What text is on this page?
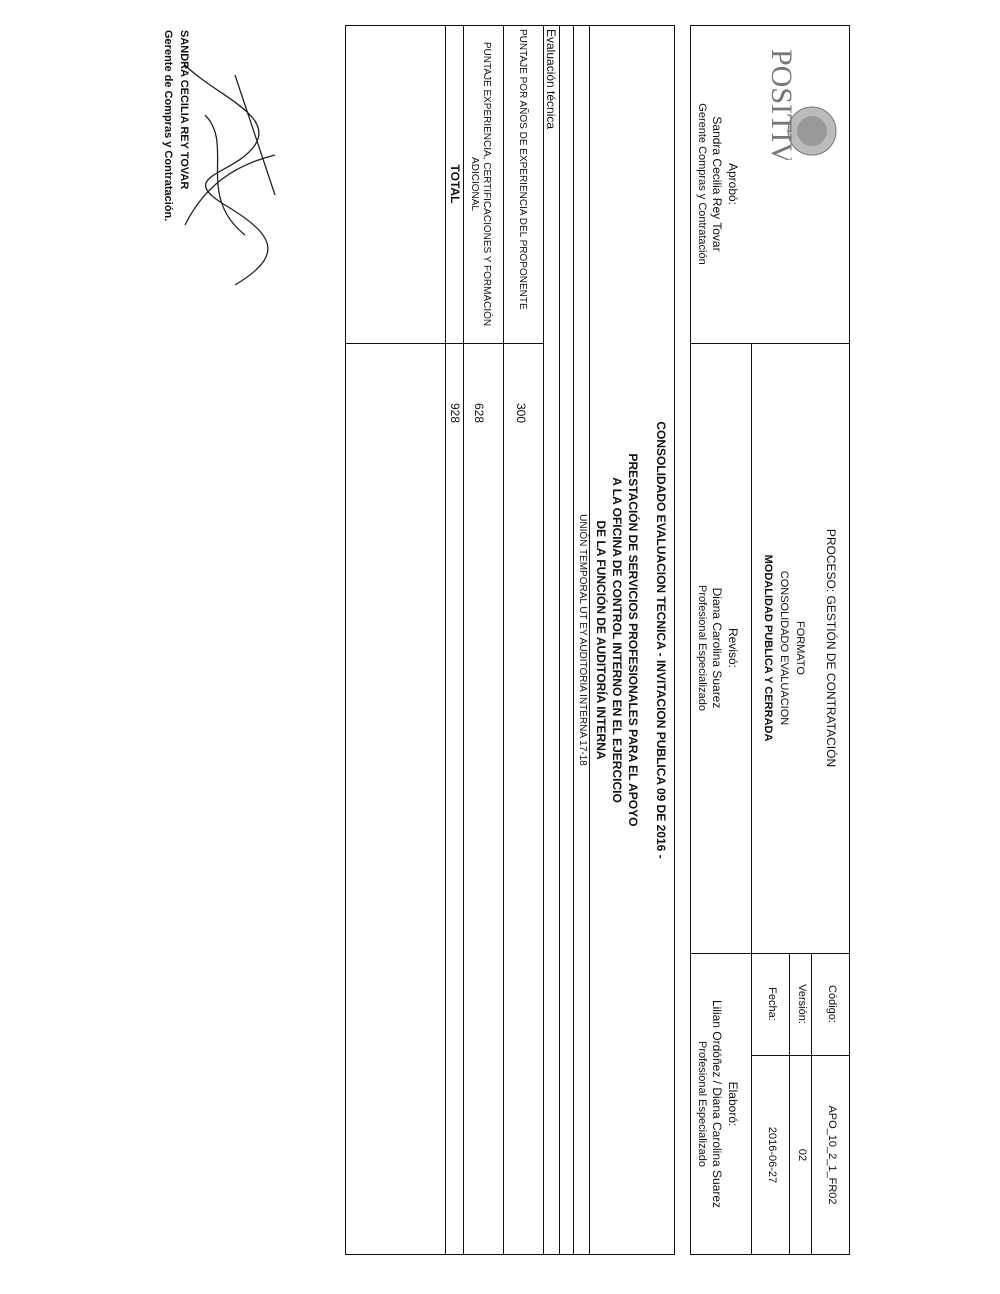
POSITIVA
PROCESO: GESTIÓN DE CONTRATACIÓN
FORMATO
CONSOLIDADO EVALUACION
MODALIDAD PUBLICA Y CERRADA
Código:
APO_10_2_1_FR02
Versión:
02
Fecha:
2016-06-27
Aprobó:
Sandra Cecilia Rey Tovar
Gerente Compras y Contratación
Revisó:
Diana Carolina Suarez
Profesional Especializado
Elaboró:
Lilian Ordóñez / Diana Carolina Suarez
Profesional Especializado
CONSOLIDADO EVALUACION TECNICA - INVITACION PUBLICA 09 DE 2016 -
PRESTACIÓN DE SERVICIOS PROFESIONALES PARA EL APOYO
A LA OFICINA DE CONTROL INTERNO EN EL EJERCICIO
DE LA FUNCIÓN DE AUDITORÍA INTERNA
UNIÓN TEMPORAL UT EY AUDITORIA INTERNA 17-18
Evaluación técnica
PUNTAJE POR AÑOS DE EXPERIENCIA DEL PROPONENTE
300
PUNTAJE EXPERIENCIA, CERTIFICACIONES Y FORMACIÓN
ADICIONAL
628
TOTAL
928
SANDRA CECILIA REY TOVAR
Gerente de Compras y Contratación.
